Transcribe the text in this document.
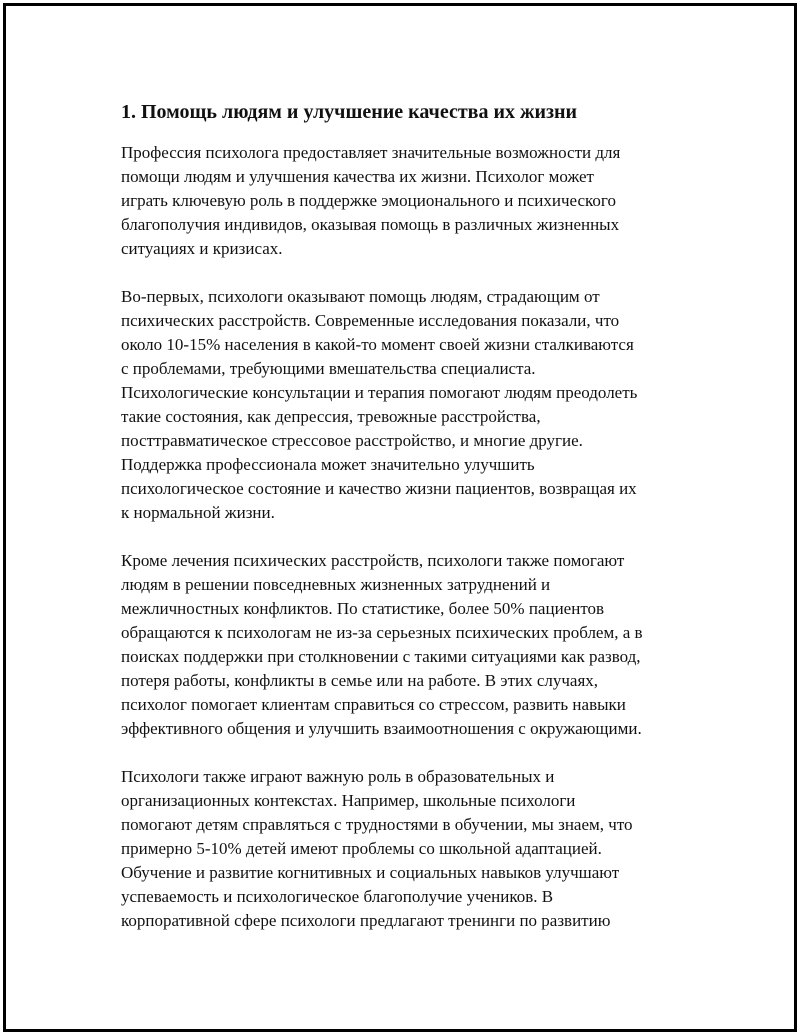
1. Помощь людям и улучшение качества их жизни

Профессия психолога предоставляет значительные возможности для
помощи людям и улучшения качества их жизни. Психолог может
играть ключевую роль в поддержке эмоционального и психического
благополучия индивидов, оказывая помощь в различных жизненных
ситуациях и кризисах.

Во-первых, психологи оказывают помощь людям, страдающим от
психических расстройств. Современные исследования показали, что
около 10-15% населения в какой-то момент своей жизни сталкиваются
с проблемами, требующими вмешательства специалиста.
Психологические консультации и терапия помогают людям преодолеть
такие состояния, как депрессия, тревожные расстройства,
посттравматическое стрессовое расстройство, и многие другие.
Поддержка профессионала может значительно улучшить
психологическое состояние и качество жизни пациентов, возвращая их
к нормальной жизни.

Кроме лечения психических расстройств, психологи также помогают
людям в решении повседневных жизненных затруднений и
межличностных конфликтов. По статистике, более 50% пациентов
обращаются к психологам не из-за серьезных психических проблем, а в
поисках поддержки при столкновении с такими ситуациями как развод,
потеря работы, конфликты в семье или на работе. В этих случаях,
психолог помогает клиентам справиться со стрессом, развить навыки
эффективного общения и улучшить взаимоотношения с окружающими.

Психологи также играют важную роль в образовательных и
организационных контекстах. Например, школьные психологи
помогают детям справляться с трудностями в обучении, мы знаем, что
примерно 5-10% детей имеют проблемы со школьной адаптацией.
Обучение и развитие когнитивных и социальных навыков улучшают
успеваемость и психологическое благополучие учеников. В
корпоративной сфере психологи предлагают тренинги по развитию
